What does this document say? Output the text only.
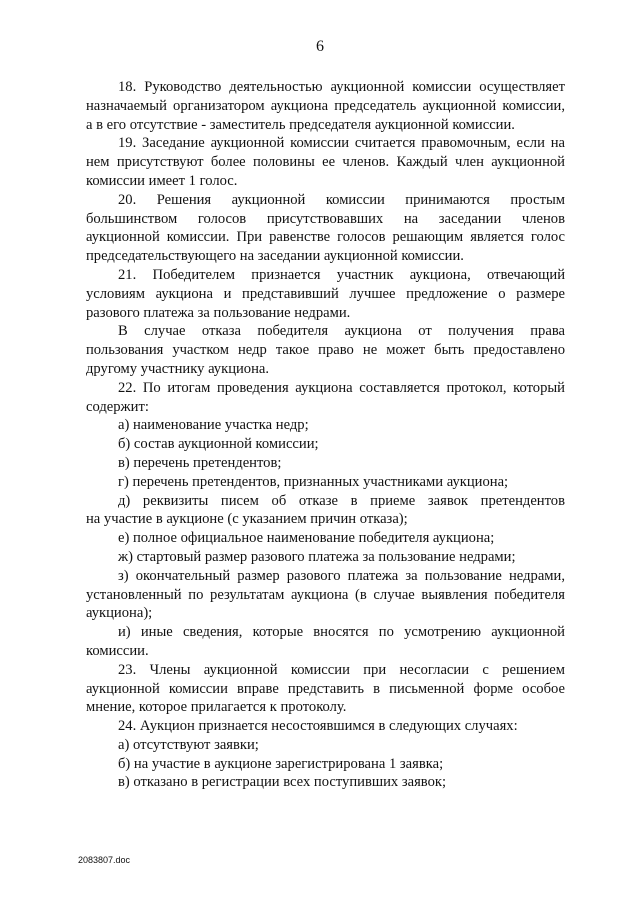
6
18. Руководство деятельностью аукционной комиссии осуществляет
назначаемый организатором аукциона председатель аукционной комиссии,
а в его отсутствие - заместитель председателя аукционной комиссии.
19. Заседание аукционной комиссии считается правомочным, если на
нем присутствуют более половины ее членов. Каждый член аукционной
комиссии имеет 1 голос.
20. Решения аукционной комиссии принимаются простым
большинством голосов присутствовавших на заседании членов
аукционной комиссии. При равенстве голосов решающим является голос
председательствующего на заседании аукционной комиссии.
21. Победителем признается участник аукциона, отвечающий
условиям аукциона и представивший лучшее предложение о размере
разового платежа за пользование недрами.
В случае отказа победителя аукциона от получения права
пользования участком недр такое право не может быть предоставлено
другому участнику аукциона.
22. По итогам проведения аукциона составляется протокол, который
содержит:

а) наименование участка недр;

б) состав аукционной комиссии;

в) перечень претендентов;

г) перечень претендентов, признанных участниками аукциона;

д) реквизиты писем об отказе в приеме заявок претендентов
на участие в аукционе (с указанием причин отказа);

е) полное официальное наименование победителя аукциона;

ж) стартовый размер разового платежа за пользование недрами;

з) окончательный размер разового платежа за пользование недрами,
установленный по результатам аукциона (в случае выявления победителя
аукциона);
и) иные сведения, которые вносятся по усмотрению аукционной
комиссии.
23. Члены аукционной комиссии при несогласии с решением
аукционной комиссии вправе представить в письменной форме особое
мнение, которое прилагается к протоколу.
24. Аукцион признается несостоявшимся в следующих случаях:

а) отсутствуют заявки;

б) на участие в аукционе зарегистрирована 1 заявка;

в) отказано в регистрации всех поступивших заявок;

2083807.doc
